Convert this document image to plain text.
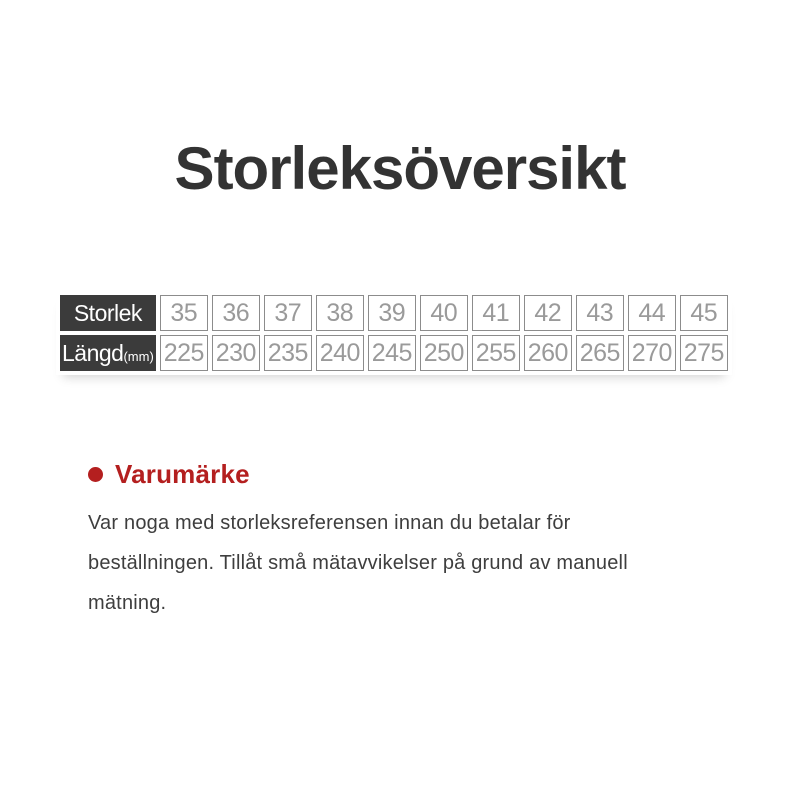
Storleksöversikt
Storlek	35	36	37	38	39	40	41	42	43	44	45
Längd(mm)	225	230	235	240	245	250	255	260	265	270	275
Varumärke
Var noga med storleksreferensen innan du betalar för
beställningen. Tillåt små mätavvikelser på grund av manuell
mätning.
